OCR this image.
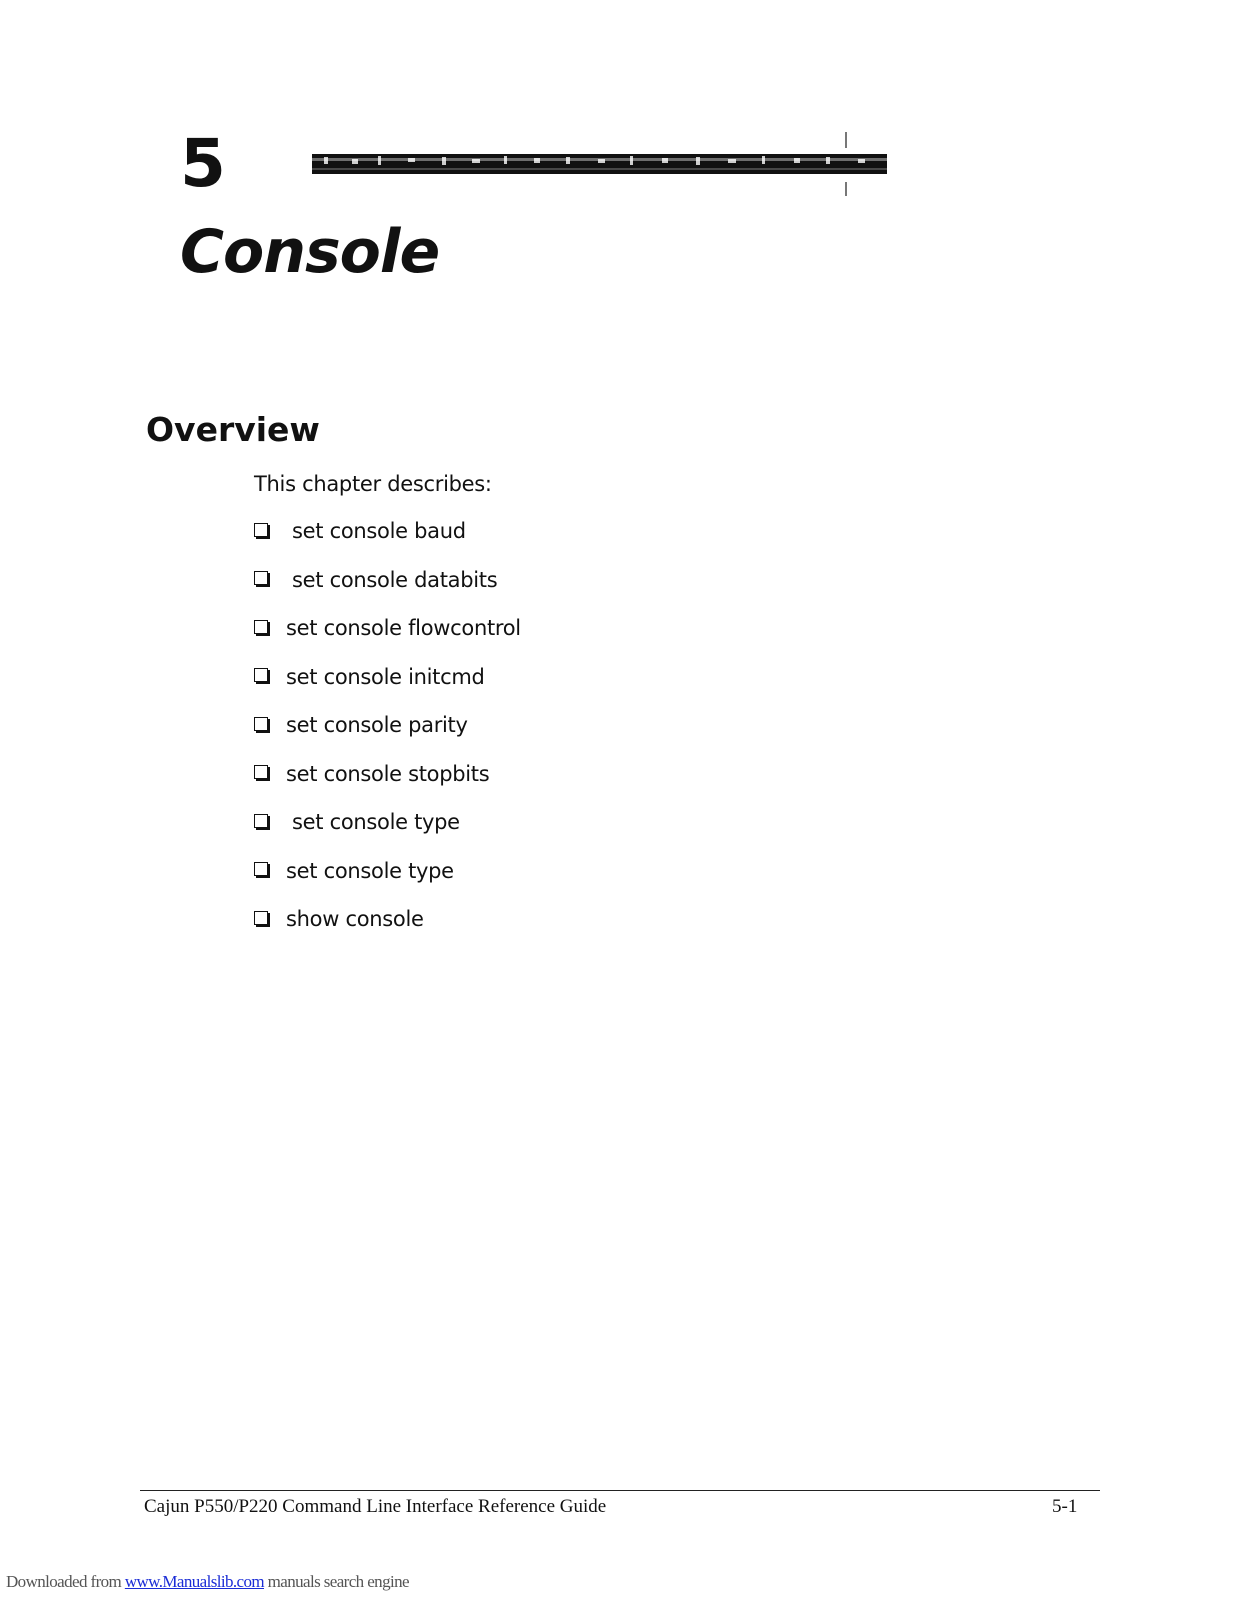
5
Console
Overview

This chapter describes:

set console baud
set console databits
set console flowcontrol
set console initcmd
set console parity
set console stopbits
set console type
set console type
show console

Cajun P550/P220 Command Line Interface Reference Guide	5-1

Downloaded from www.Manualslib.com manuals search engine
